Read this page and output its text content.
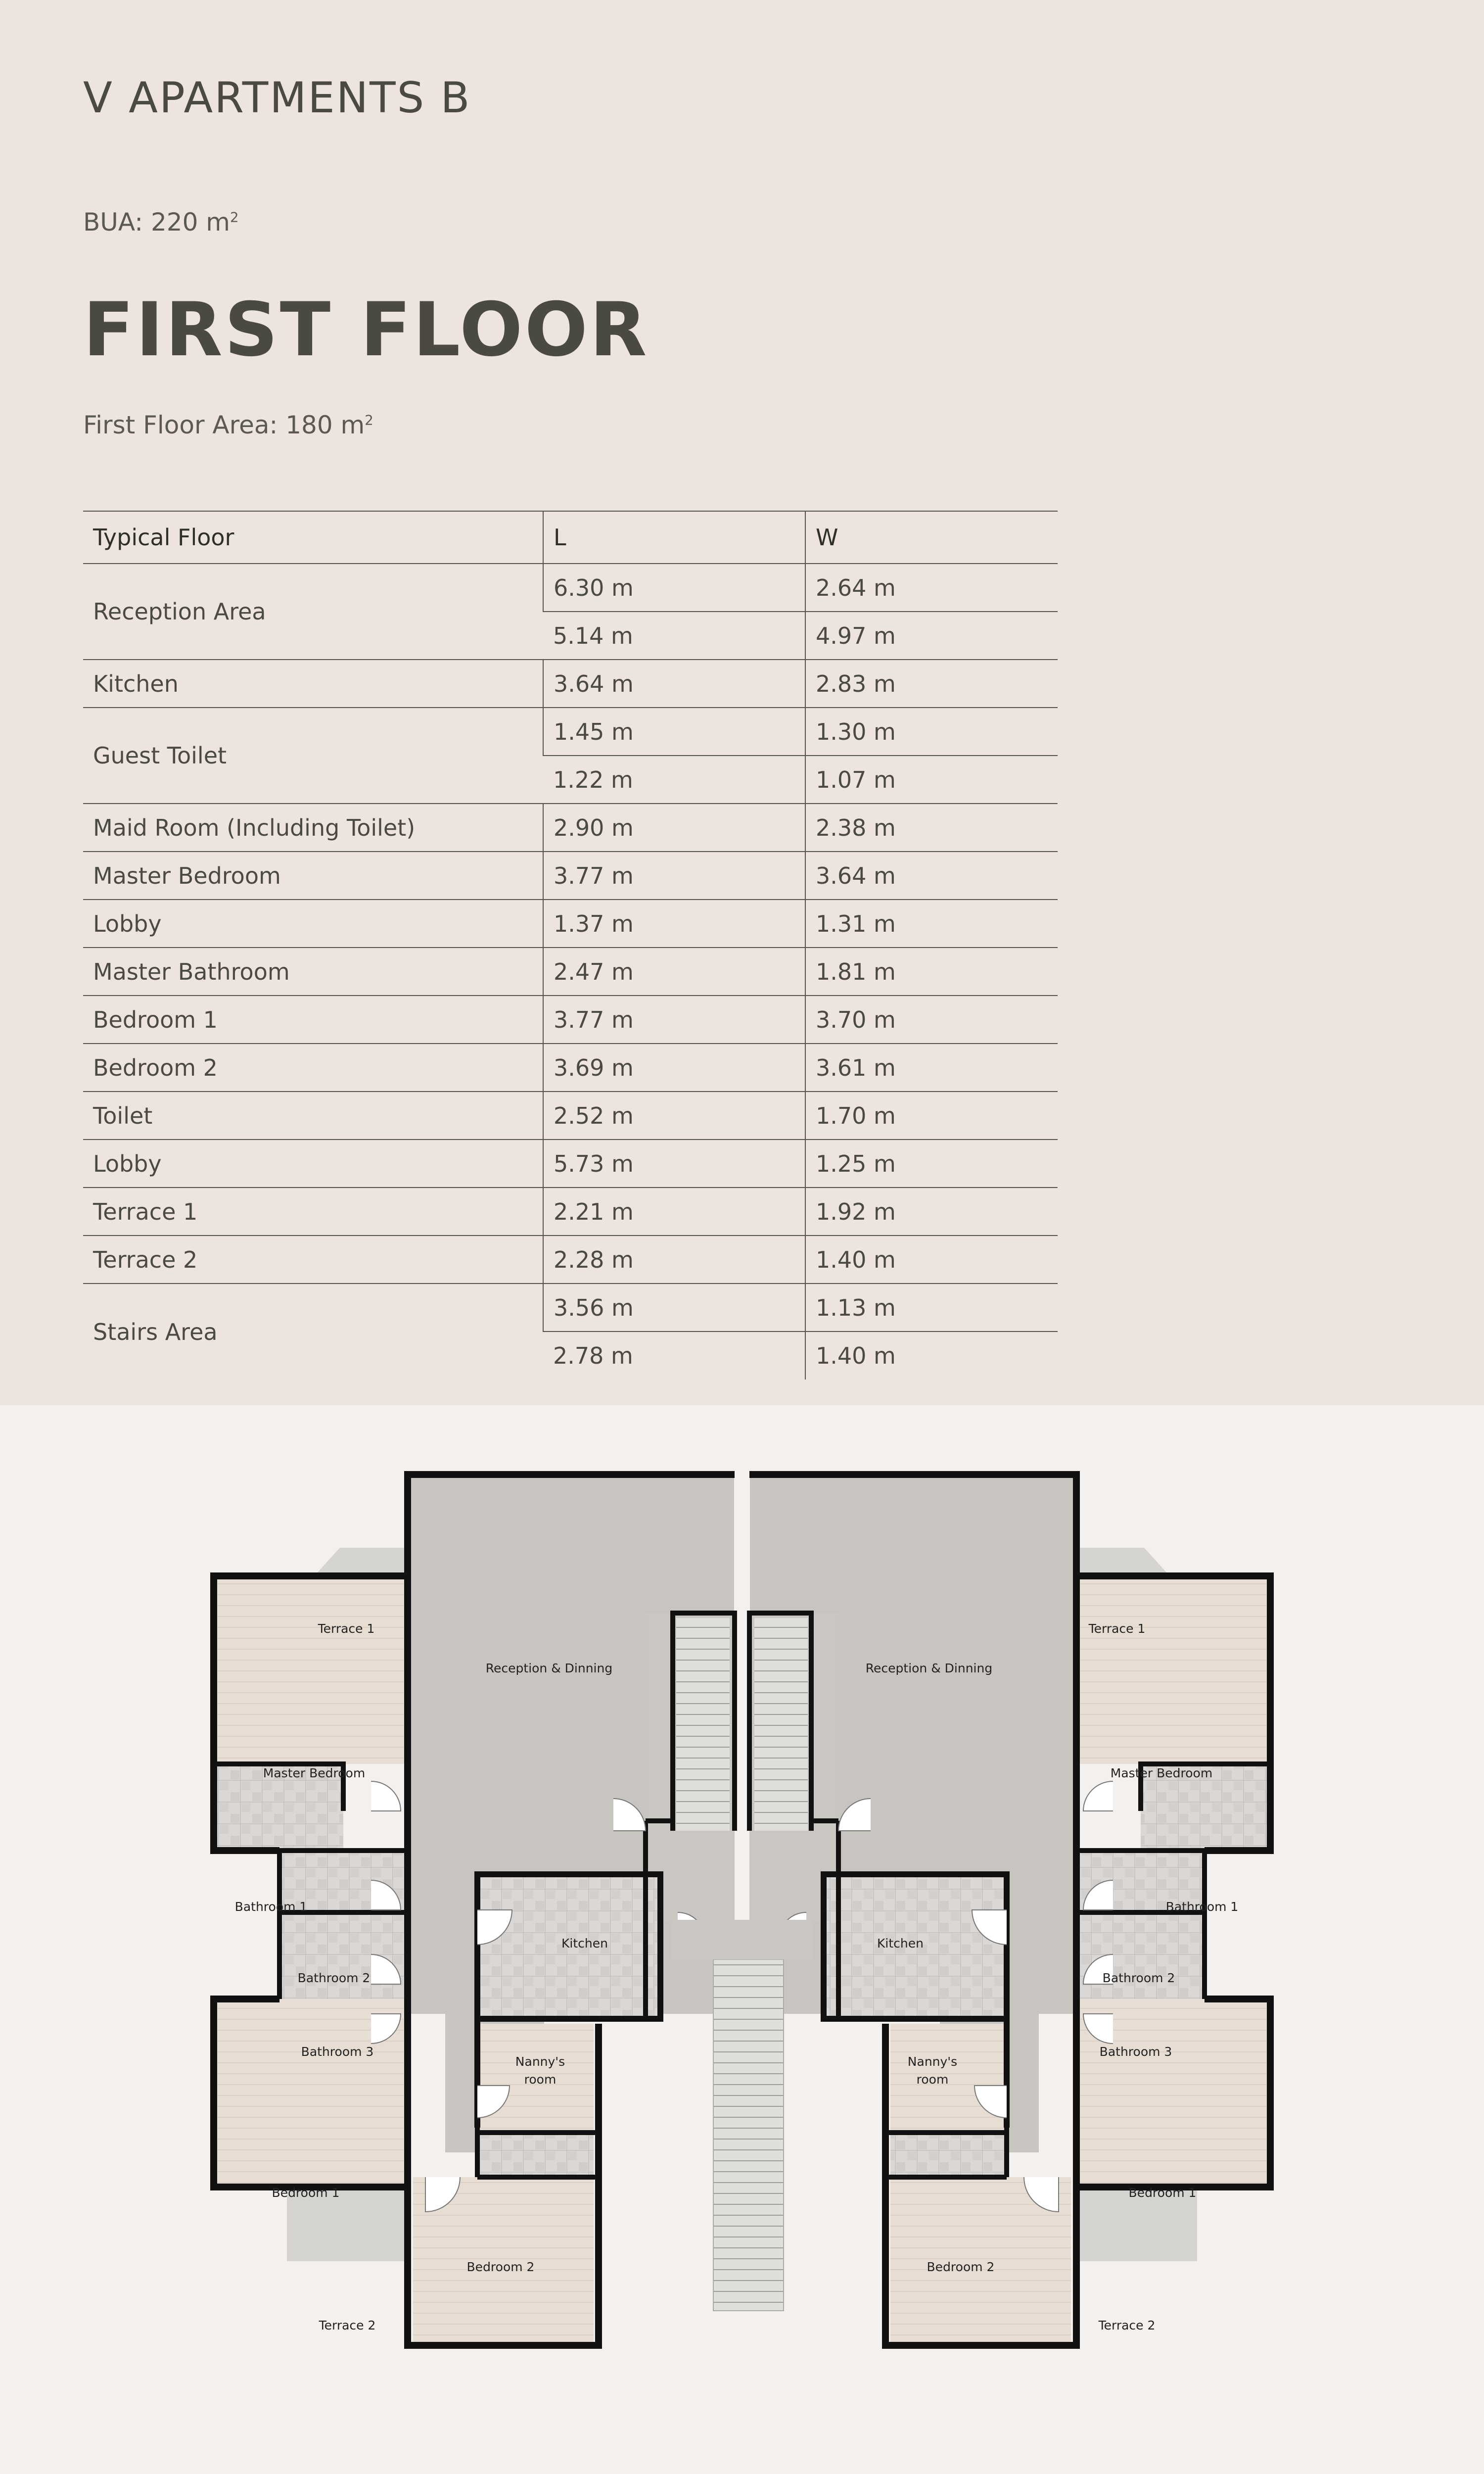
V APARTMENTS B
BUA: 220 $m^2$
FIRST FLOOR
First Floor Area: 180 $m^2$
Typical Floor	L	W
Reception Area	6.30 m	2.64 m
	5.14 m	4.97 m
Kitchen	3.64 m	2.83 m
Guest Toilet	1.45 m	1.30 m
	1.22 m	1.07 m
Maid Room (Including Toilet)	2.90 m	2.38 m
Master Bedroom	3.77 m	3.64 m
Lobby	1.37 m	1.31 m
Master Bathroom	2.47 m	1.81 m
Bedroom 1	3.77 m	3.70 m
Bedroom 2	3.69 m	3.61 m
Toilet	2.52 m	1.70 m
Lobby	5.73 m	1.25 m
Terrace 1	2.21 m	1.92 m
Terrace 2	2.28 m	1.40 m
Stairs Area	3.56 m	1.13 m
	2.78 m	1.40 m
Terrace 1
Reception & Dinning
Master Bedroom
Bathroom 1
Bathroom 2
Bathroom 3
Kitchen
Nanny's
room
Bedroom 1
Bedroom 2
Terrace 2
Terrace 1
Reception & Dinning
Master Bedroom
Bathroom 1
Bathroom 2
Bathroom 3
Kitchen
Nanny's
room
Bedroom 1
Bedroom 2
Terrace 2
